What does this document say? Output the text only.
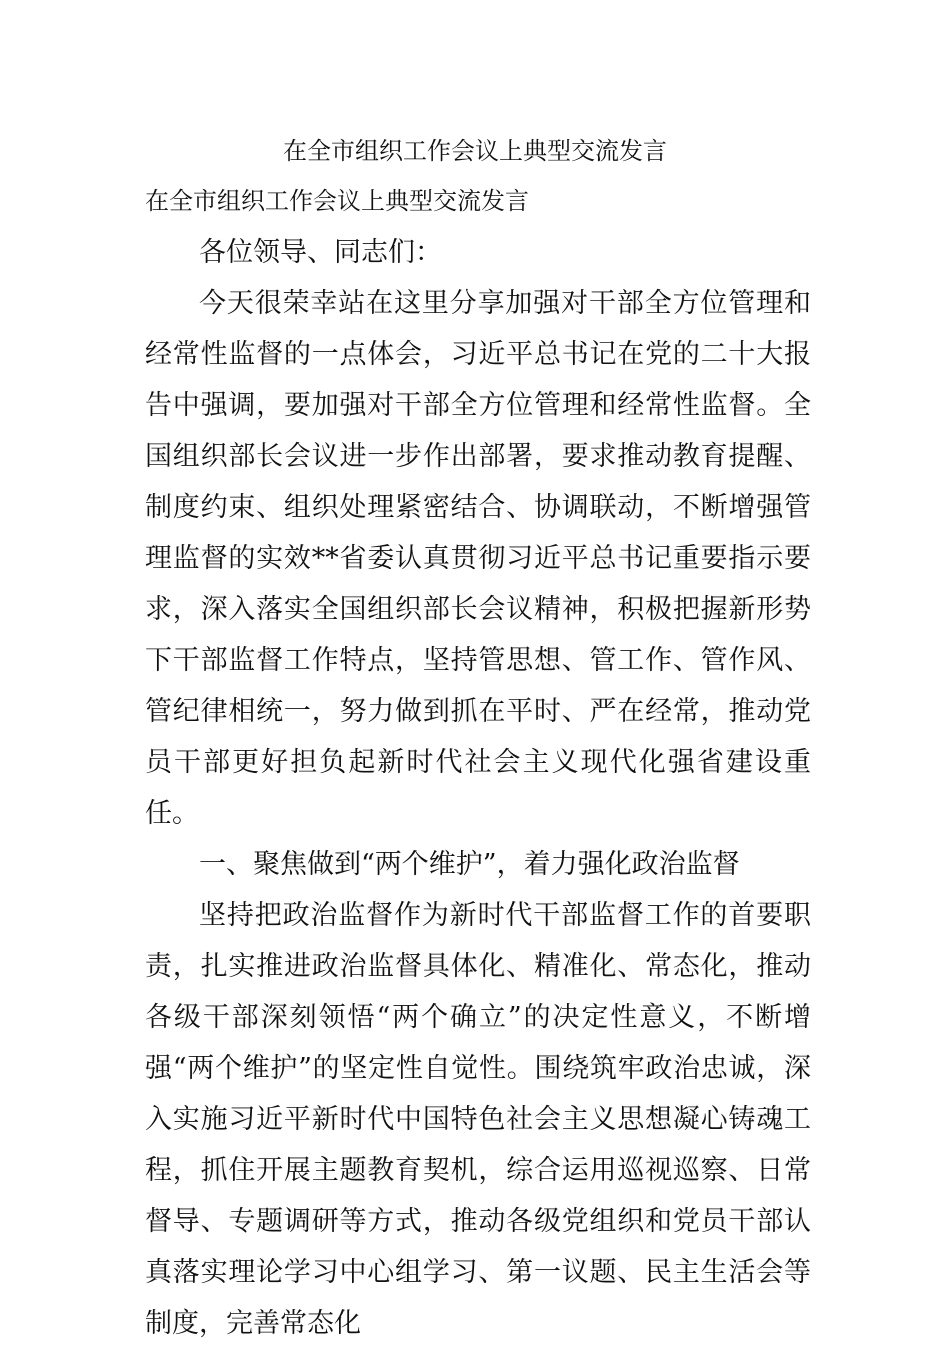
在全市组织工作会议上典型交流发言

在全市组织工作会议上典型交流发言

各位领导、同志们：

今天很荣幸站在这里分享加强对干部全方位管理和经常性监督的一点体会，习近平总书记在党的二十大报告中强调，要加强对干部全方位管理和经常性监督。全国组织部长会议进一步作出部署，要求推动教育提醒、制度约束、组织处理紧密结合、协调联动，不断增强管理监督的实效**省委认真贯彻习近平总书记重要指示要求，深入落实全国组织部长会议精神，积极把握新形势下干部监督工作特点，坚持管思想、管工作、管作风、管纪律相统一，努力做到抓在平时、严在经常，推动党员干部更好担负起新时代社会主义现代化强省建设重任。

一、聚焦做到“两个维护”，着力强化政治监督

坚持把政治监督作为新时代干部监督工作的首要职责，扎实推进政治监督具体化、精准化、常态化，推动各级干部深刻领悟“两个确立”的决定性意义，不断增强“两个维护”的坚定性自觉性。围绕筑牢政治忠诚，深入实施习近平新时代中国特色社会主义思想凝心铸魂工程，抓住开展主题教育契机，综合运用巡视巡察、日常督导、专题调研等方式，推动各级党组织和党员干部认真落实理论学习中心组学习、第一议题、民主生活会等制度，完善常态化
